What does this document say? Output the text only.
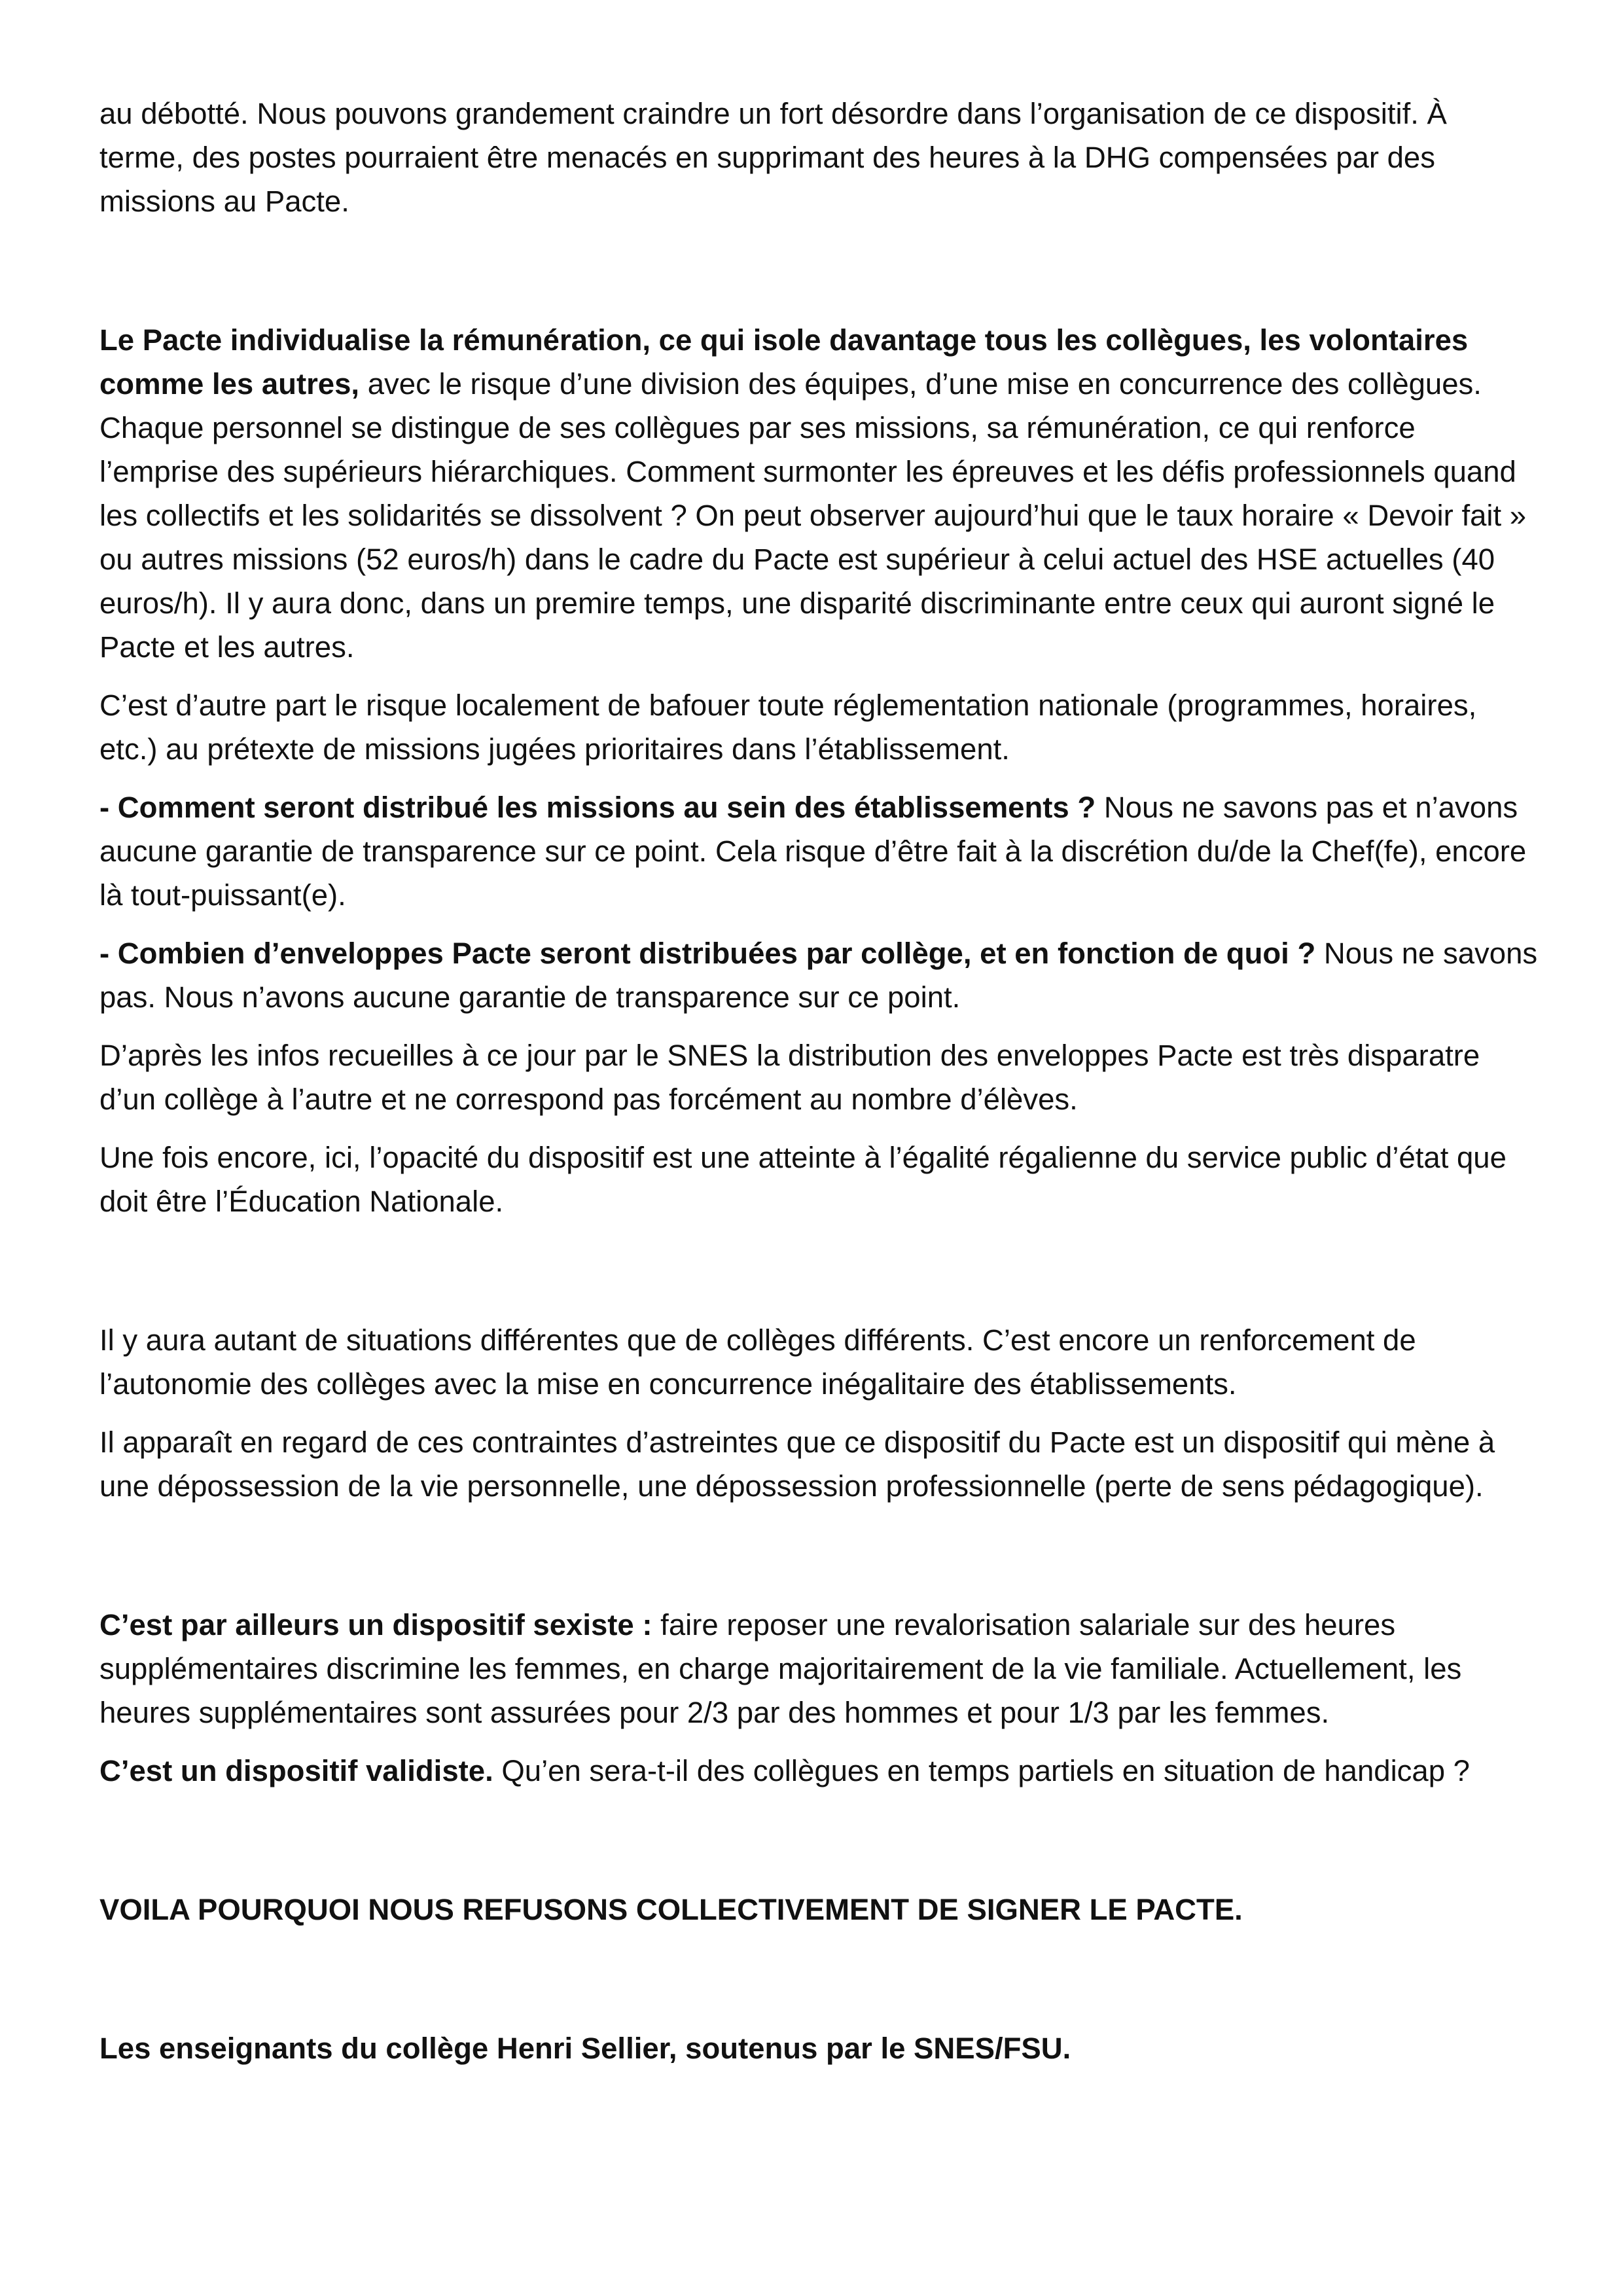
au débotté. Nous pouvons grandement craindre un fort désordre dans l’organisation de ce dispositif. À terme, des postes pourraient être menacés en supprimant des heures à la DHG compensées par des missions au Pacte.

Le Pacte individualise la rémunération, ce qui isole davantage tous les collègues, les volontaires comme les autres, avec le risque d’une division des équipes, d’une mise en concurrence des collègues. Chaque personnel se distingue de ses collègues par ses missions, sa rémunération, ce qui renforce l’emprise des supérieurs hiérarchiques. Comment surmonter les épreuves et les défis professionnels quand les collectifs et les solidarités se dissolvent ? On peut observer aujourd’hui que le taux horaire « Devoir fait » ou autres missions (52 euros/h) dans le cadre du Pacte est supérieur à celui actuel des HSE actuelles (40 euros/h). Il y aura donc, dans un premire temps, une disparité discriminante entre ceux qui auront signé le Pacte et les autres.

C’est d’autre part le risque localement de bafouer toute réglementation nationale (programmes, horaires, etc.) au prétexte de missions jugées prioritaires dans l’établissement.

- Comment seront distribué les missions au sein des établissements ? Nous ne savons pas et n’avons aucune garantie de transparence sur ce point. Cela risque d’être fait à la discrétion du/de la Chef(fe), encore là tout-puissant(e).

- Combien d’enveloppes Pacte seront distribuées par collège, et en fonction de quoi ? Nous ne savons pas. Nous n’avons aucune garantie de transparence sur ce point.

D’après les infos recueilles à ce jour par le SNES la distribution des enveloppes Pacte est très disparatre d’un collège à l’autre et ne correspond pas forcément au nombre d’élèves.

Une fois encore, ici, l’opacité du dispositif est une atteinte à l’égalité régalienne du service public d’état que doit être l’Éducation Nationale.

Il y aura autant de situations différentes que de collèges différents. C’est encore un renforcement de l’autonomie des collèges avec la mise en concurrence inégalitaire des établissements.

Il apparaît en regard de ces contraintes d’astreintes que ce dispositif du Pacte est un dispositif qui mène à une dépossession de la vie personnelle, une dépossession professionnelle (perte de sens pédagogique).

C’est par ailleurs un dispositif sexiste : faire reposer une revalorisation salariale sur des heures supplémentaires discrimine les femmes, en charge majoritairement de la vie familiale. Actuellement, les heures supplémentaires sont assurées pour 2/3 par des hommes et pour 1/3 par les femmes.

C’est un dispositif validiste. Qu’en sera-t-il des collègues en temps partiels en situation de handicap ?

VOILA POURQUOI NOUS REFUSONS COLLECTIVEMENT DE SIGNER LE PACTE.

Les enseignants du collège Henri Sellier, soutenus par le SNES/FSU.
